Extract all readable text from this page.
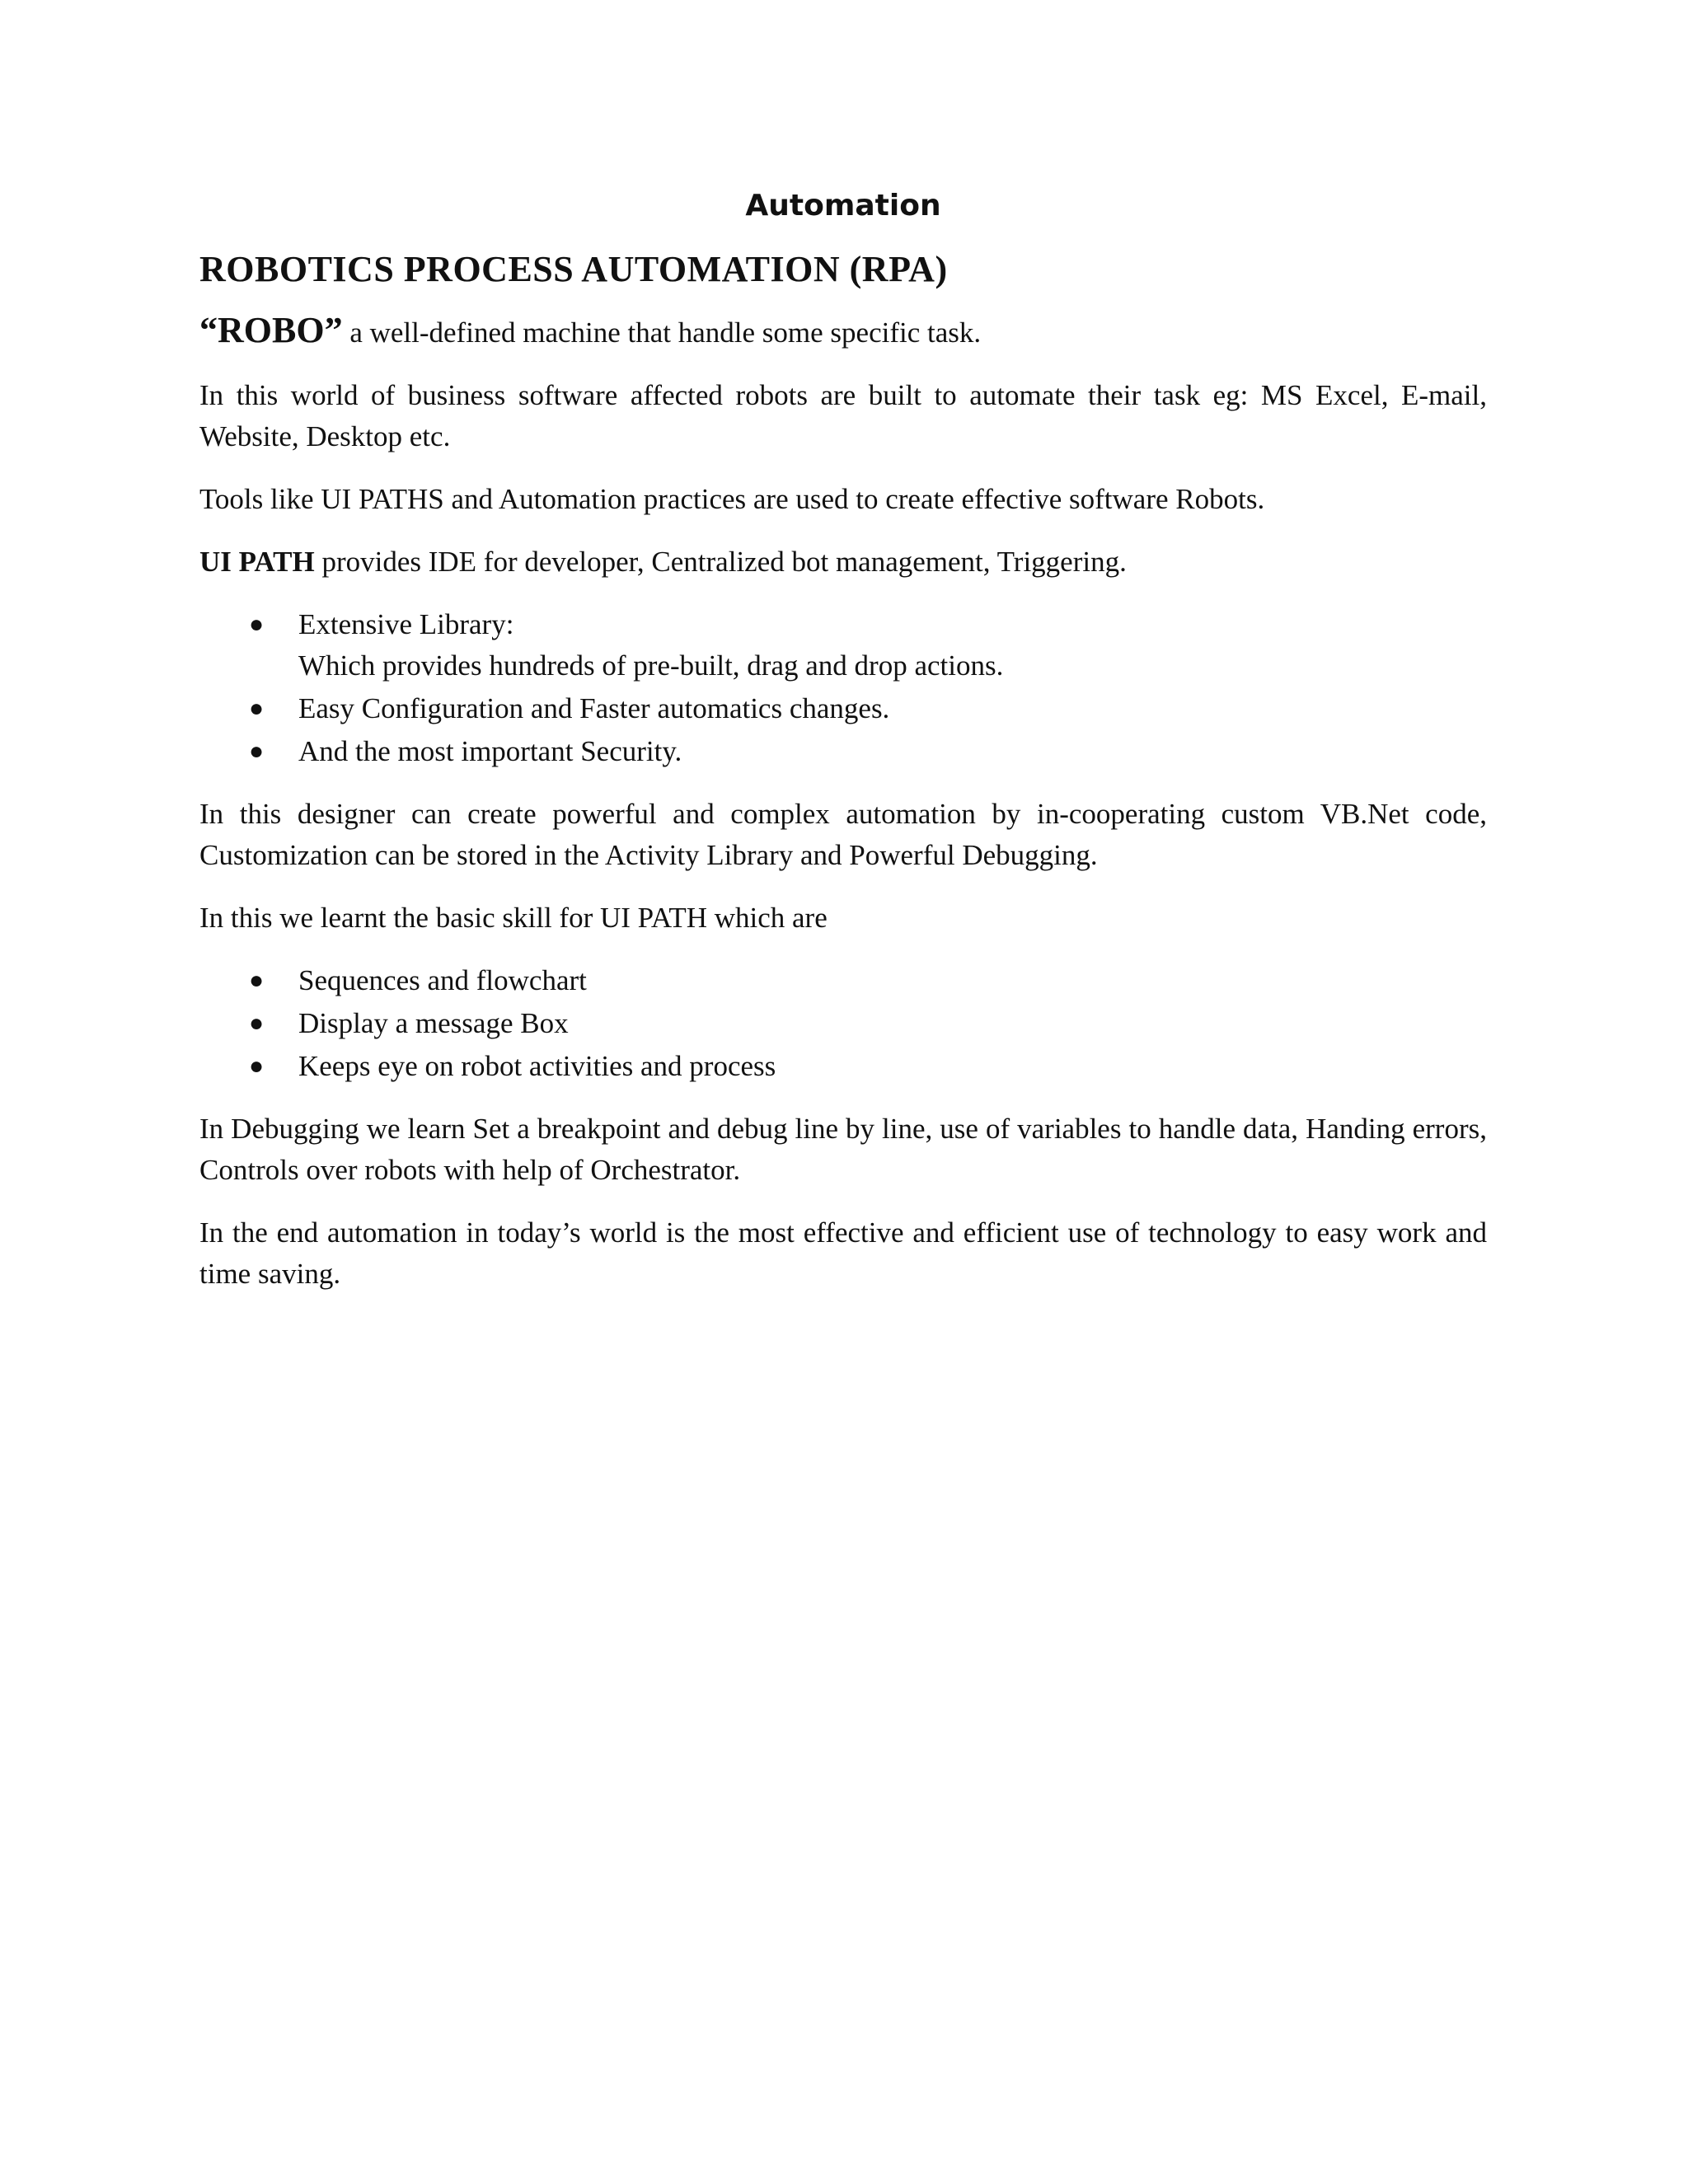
Automation
ROBOTICS PROCESS AUTOMATION (RPA)

“ROBO” a well-defined machine that handle some specific task.

In this world of business software affected robots are built to automate their task eg: MS Excel, E-mail, Website, Desktop etc.

Tools like UI PATHS and Automation practices are used to create effective software Robots.

UI PATH provides IDE for developer, Centralized bot management, Triggering.

● Extensive Library:
Which provides hundreds of pre-built, drag and drop actions.
● Easy Configuration and Faster automatics changes.
● And the most important Security.

In this designer can create powerful and complex automation by in-cooperating custom VB.Net code, Customization can be stored in the Activity Library and Powerful Debugging.

In this we learnt the basic skill for UI PATH which are

● Sequences and flowchart
● Display a message Box
● Keeps eye on robot activities and process

In Debugging we learn Set a breakpoint and debug line by line, use of variables to handle data, Handing errors, Controls over robots with help of Orchestrator.

In the end automation in today’s world is the most effective and efficient use of technology to easy work and time saving.
